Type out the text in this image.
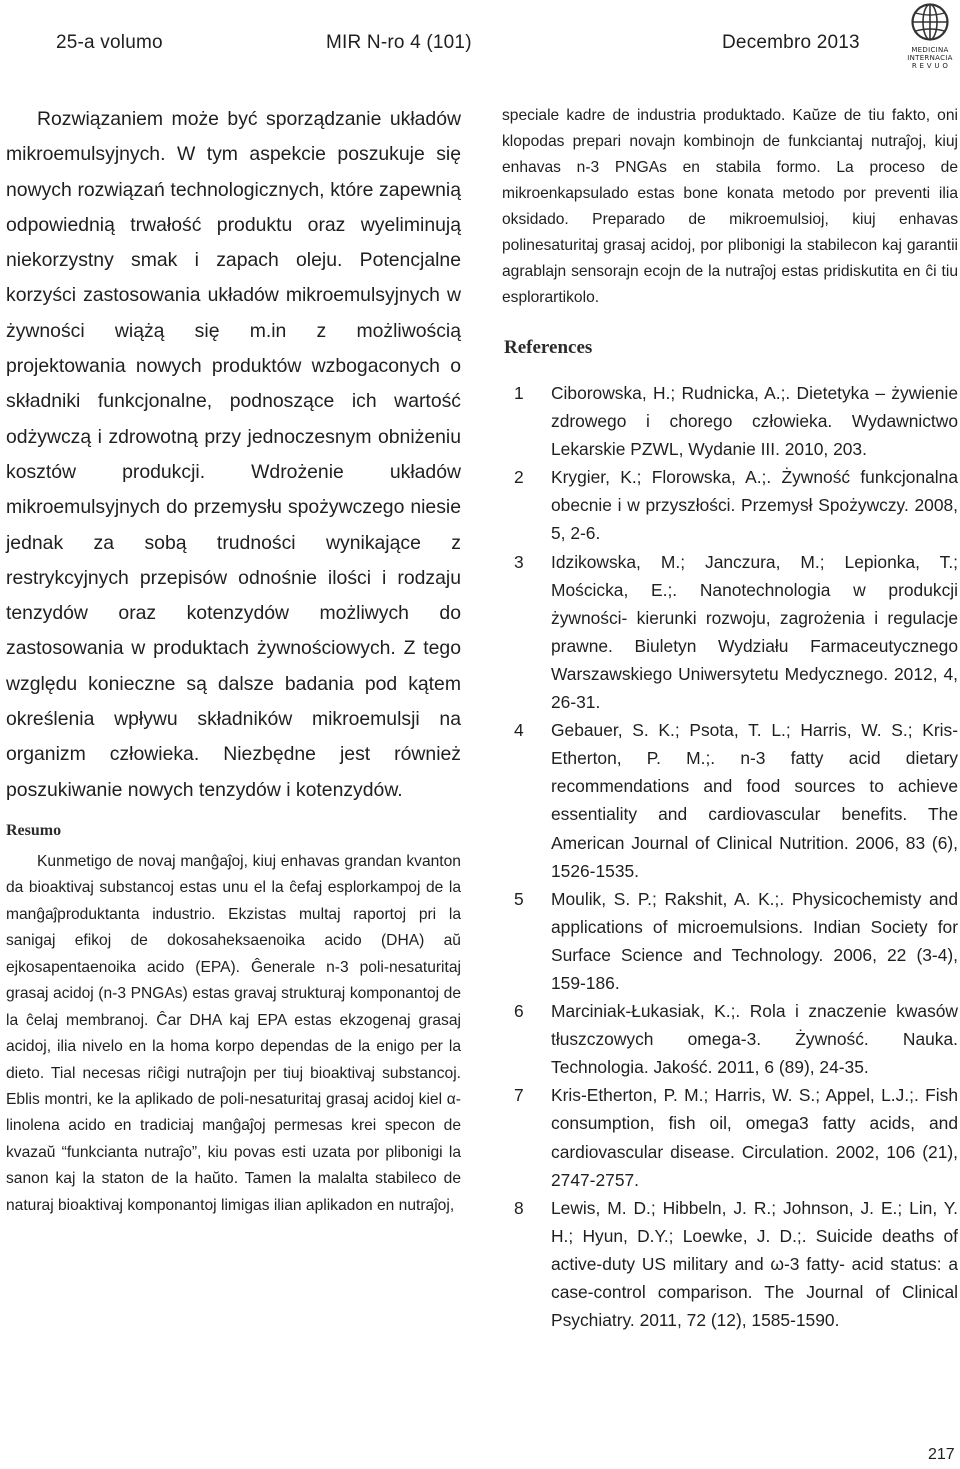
25-a volumo	MIR N-ro 4 (101)	Decembro 2013	MEDICINA
INTERNACIA
R E V U O

Rozwiązaniem może być sporządzanie układów mikroemulsyjnych. W tym aspekcie poszukuje się nowych rozwiązań technologicznych, które zapewnią odpowiednią trwałość produktu oraz wyeliminują niekorzystny smak i zapach oleju. Potencjalne korzyści zastosowania układów mikroemulsyjnych w żywności wiążą się m.in z możliwością projektowania nowych produktów wzbogaconych o składniki funkcjonalne, podnoszące ich wartość odżywczą i zdrowotną przy jednoczesnym obniżeniu kosztów produkcji. Wdrożenie układów mikroemulsyjnych do przemysłu spożywczego niesie jednak za sobą trudności wynikające z restrykcyjnych przepisów odnośnie ilości i rodzaju tenzydów oraz kotenzydów możliwych do zastosowania w produktach żywnościowych. Z tego względu konieczne są dalsze badania pod kątem określenia wpływu składników mikroemulsji na organizm człowieka. Niezbędne jest również poszukiwanie nowych tenzydów i kotenzydów.

Resumo

Kunmetigo de novaj manĝaĵoj, kiuj enhavas grandan kvanton da bioaktivaj substancoj estas unu el la ĉefaj esplorkampoj de la manĝaĵproduktanta industrio. Ekzistas multaj raportoj pri la sanigaj efikoj de dokosaheksaenoika acido (DHA) aŭ ejkosapentaenoika acido (EPA). Ĝenerale n-3 poli-nesaturitaj grasaj acidoj (n-3 PNGAs) estas gravaj strukturaj komponantoj de la ĉelaj membranoj. Ĉar DHA kaj EPA estas ekzogenaj grasaj acidoj, ilia nivelo en la homa korpo dependas de la enigo per la dieto. Tial necesas riĉigi nutraĵojn per tiuj bioaktivaj substancoj. Eblis montri, ke la aplikado de poli-nesaturitaj grasaj acidoj kiel α-linolena acido en tradiciaj manĝaĵoj permesas krei specon de kvazaŭ “funkcianta nutraĵo”, kiu povas esti uzata por plibonigi la sanon kaj la staton de la haŭto. Tamen la malalta stabileco de naturaj bioaktivaj komponantoj limigas ilian aplikadon en nutraĵoj,

speciale kadre de industria produktado. Kaŭze de tiu fakto, oni klopodas prepari novajn kombinojn de funkciantaj nutraĵoj, kiuj enhavas n-3 PNGAs en stabila formo. La proceso de mikroenkapsulado estas bone konata metodo por preventi ilia oksidado. Preparado de mikroemulsioj, kiuj enhavas polinesaturitaj grasaj acidoj, por plibonigi la stabilecon kaj garantii agrablajn sensorajn ecojn de la nutraĵoj estas pridiskutita en ĉi tiu esplorartikolo.

References

1 Ciborowska, H.; Rudnicka, A.;. Dietetyka – żywienie zdrowego i chorego człowieka. Wydawnictwo Lekarskie PZWL, Wydanie III. 2010, 203.

2 Krygier, K.; Florowska, A.;. Żywność funkcjonalna obecnie i w przyszłości. Przemysł Spożywczy. 2008, 5, 2-6.

3 Idzikowska, M.; Janczura, M.; Lepionka, T.; Mościcka, E.;. Nanotechnologia w produkcji żywności- kierunki rozwoju, zagrożenia i regulacje prawne. Biuletyn Wydziału Farmaceutycznego Warszawskiego Uniwersytetu Medycznego. 2012, 4, 26-31.

4 Gebauer, S. K.; Psota, T. L.; Harris, W. S.; Kris-Etherton, P. M.;. n-3 fatty acid dietary recommendations and food sources to achieve essentiality and cardiovascular benefits. The American Journal of Clinical Nutrition. 2006, 83 (6), 1526-1535.

5 Moulik, S. P.; Rakshit, A. K.;. Physicochemisty and applications of microemulsions. Indian Society for Surface Science and Technology. 2006, 22 (3-4), 159-186.

6 Marciniak-Łukasiak, K.;. Rola i znaczenie kwasów tłuszczowych omega-3. Żywność. Nauka. Technologia. Jakość. 2011, 6 (89), 24-35.

7 Kris-Etherton, P. M.; Harris, W. S.; Appel, L.J.;. Fish consumption, fish oil, omega3 fatty acids, and cardiovascular disease. Circulation. 2002, 106 (21), 2747-2757.

8 Lewis, M. D.; Hibbeln, J. R.; Johnson, J. E.; Lin, Y. H.; Hyun, D.Y.; Loewke, J. D.;. Suicide deaths of active-duty US military and ω-3 fatty- acid status: a case-control comparison. The Journal of Clinical Psychiatry. 2011, 72 (12), 1585-1590.

217
